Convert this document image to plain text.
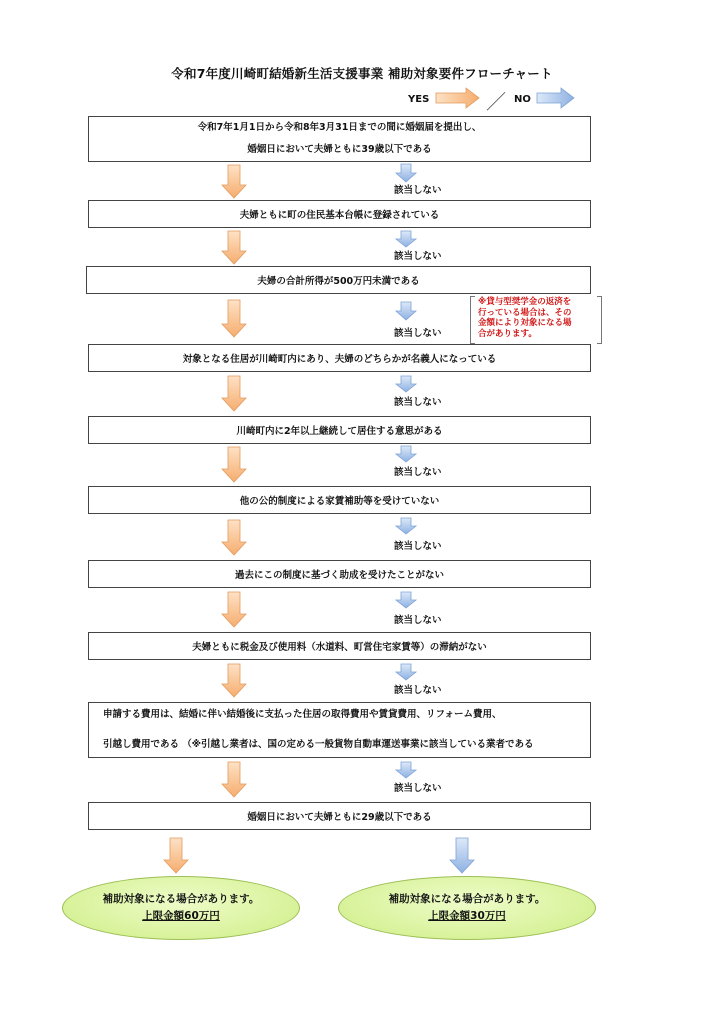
令和7年度川崎町結婚新生活支援事業 補助対象要件フローチャート
YES	／ NO
令和7年1月1日から令和8年3月31日までの間に婚姻届を提出し、
婚姻日において夫婦ともに39歳以下である
夫婦ともに町の住民基本台帳に登録されている
夫婦の合計所得が500万円未満である
対象となる住居が川崎町内にあり、夫婦のどちらかが名義人になっている
川崎町内に2年以上継続して居住する意思がある
他の公的制度による家賃補助等を受けていない
過去にこの制度に基づく助成を受けたことがない
夫婦ともに税金及び使用料（水道料、町営住宅家賃等）の滞納がない
申請する費用は、結婚に伴い結婚後に支払った住居の取得費用や賃貸費用、リフォーム費用、
引越し費用である （※引越し業者は、国の定める一般貨物自動車運送事業に該当している業者である
婚姻日において夫婦ともに29歳以下である
該当しない
該当しない
該当しない
該当しない
該当しない
該当しない
該当しない
該当しない
該当しない
※貸与型奨学金の返済を
行っている場合は、その
金額により対象になる場
合があります。
補助対象になる場合があります。
上限金額60万円
補助対象になる場合があります。
上限金額30万円
